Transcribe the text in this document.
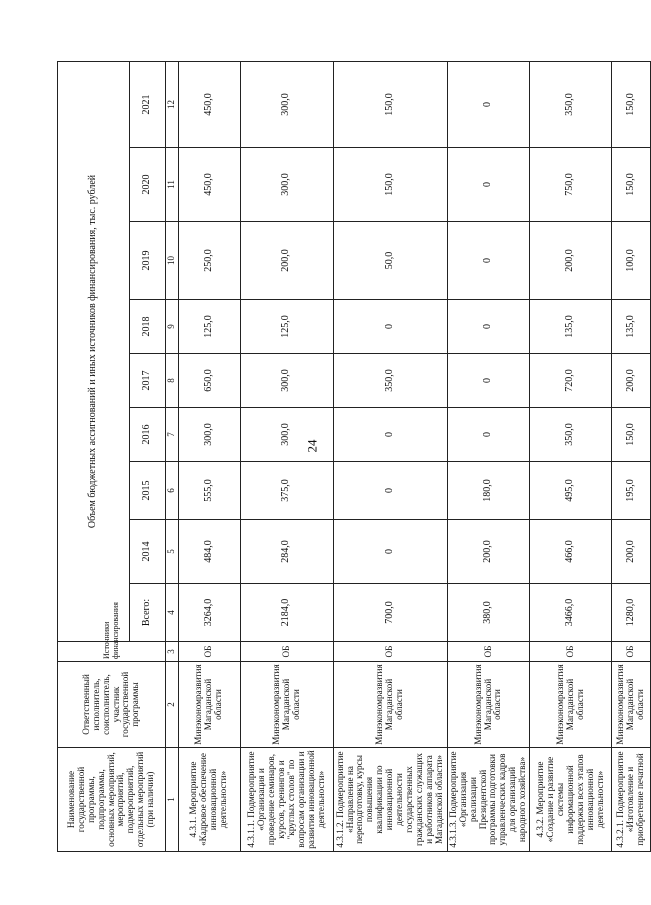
24
Наименование государственной программы, подпрограммы, основных мероприятий, мероприятий, подмероприятий, отдельных мероприятий (при наличии)	Ответственный исполнитель, соисполнитель, участник государственной программы	Источники финансирования	Объем бюджетных ассигнований и иных источников финансирования, тыс. рублей								
			Всего:	2014	2015	2016	2017	2018	2019	2020	2021
1	2	3	4	5	6	7	8	9	10	11	12
4.3.1. Мероприятие «Кадровое обеспечение инновационной деятельности»	Минэкономразвития Магаданской области	ОБ	3264,0	484,0	555,0	300,0	650,0	125,0	250,0	450,0	450,0
4.3.1.1. Подмероприятие «Организация и проведение семинаров, курсов, тренингов и "круглых столов" по вопросам организации и развития инновационной деятельности»	Минэкономразвития Магаданской области	ОБ	2184,0	284,0	375,0	300,0	300,0	125,0	200,0	300,0	300,0
4.3.1.2. Подмероприятие «Направление на переподготовку, курсы повышения квалификации по инновационной деятельности государственных гражданских служащих и работников аппарата Магаданской области»	Минэкономразвития Магаданской области	ОБ	700,0	0	0	0	350,0	0	50,0	150,0	150,0
4.3.1.3. Подмероприятие «Организация реализации Президентской программы подготовки управленческих кадров для организаций народного хозяйства»	Минэкономразвития Магаданской области	ОБ	380,0	200,0	180,0	0	0	0	0	0	0
4.3.2. Мероприятие «Создание и развитие системы информационной поддержки всех этапов инновационной деятельности»	Минэкономразвития Магаданской области	ОБ	3466,0	466,0	495,0	350,0	720,0	135,0	200,0	750,0	350,0
4.3.2.1. Подмероприятие «Изготовление и приобретение печатной	Минэкономразвития Магаданской области	ОБ	1280,0	200,0	195,0	150,0	200,0	135,0	100,0	150,0	150,0
